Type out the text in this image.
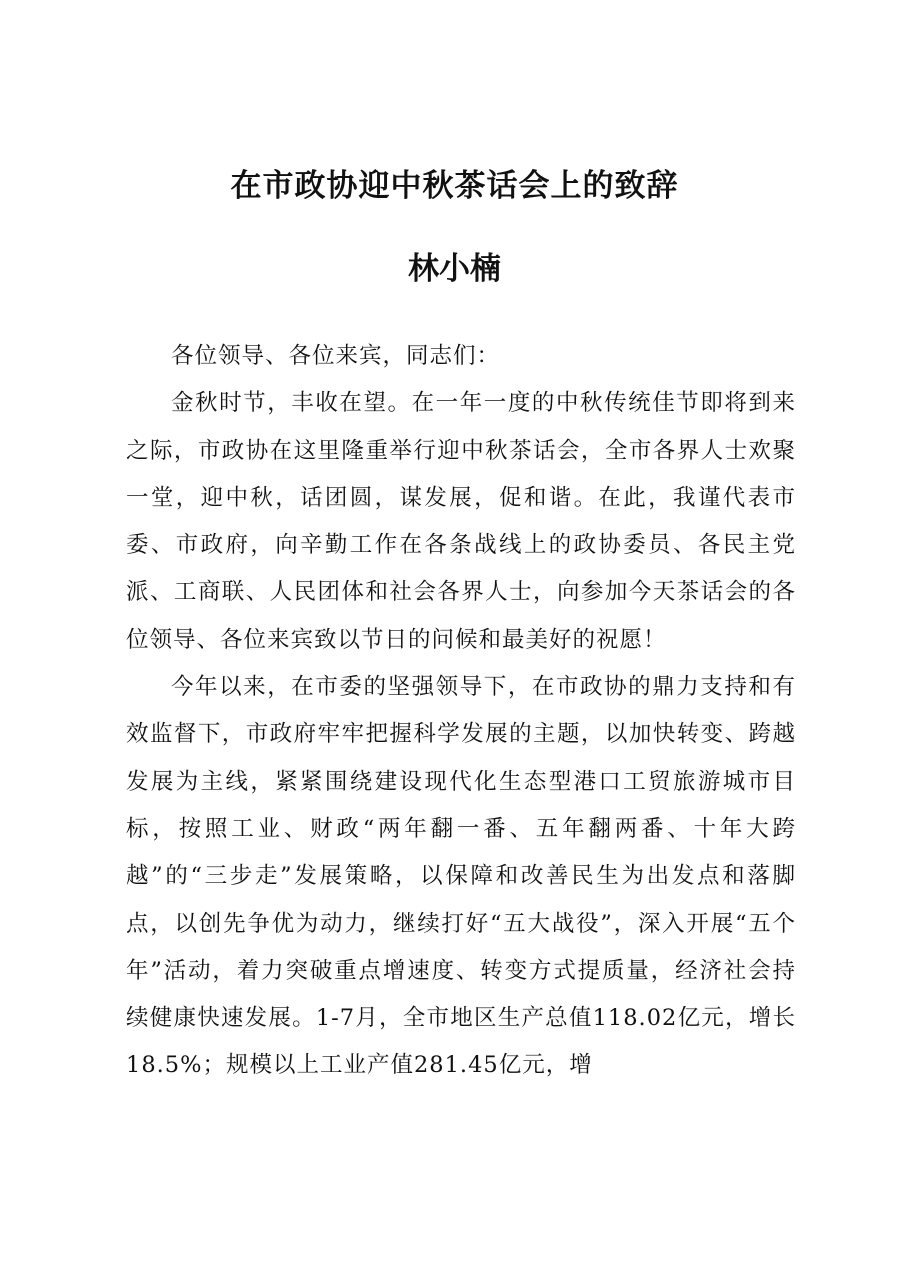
在市政协迎中秋茶话会上的致辞
林小楠

各位领导、各位来宾，同志们：

金秋时节，丰收在望。在一年一度的中秋传统佳节即将到来之际，市政协在这里隆重举行迎中秋茶话会，全市各界人士欢聚一堂，迎中秋，话团圆，谋发展，促和谐。在此，我谨代表市委、市政府，向辛勤工作在各条战线上的政协委员、各民主党派、工商联、人民团体和社会各界人士，向参加今天茶话会的各位领导、各位来宾致以节日的问候和最美好的祝愿！

今年以来，在市委的坚强领导下，在市政协的鼎力支持和有效监督下，市政府牢牢把握科学发展的主题，以加快转变、跨越发展为主线，紧紧围绕建设现代化生态型港口工贸旅游城市目标，按照工业、财政“两年翻一番、五年翻两番、十年大跨越”的“三步走”发展策略，以保障和改善民生为出发点和落脚点，以创先争优为动力，继续打好“五大战役”，深入开展“五个年”活动，着力突破重点增速度、转变方式提质量，经济社会持续健康快速发展。1-7月，全市地区生产总值118.02亿元，增长18.5%；规模以上工业产值281.45亿元，增
